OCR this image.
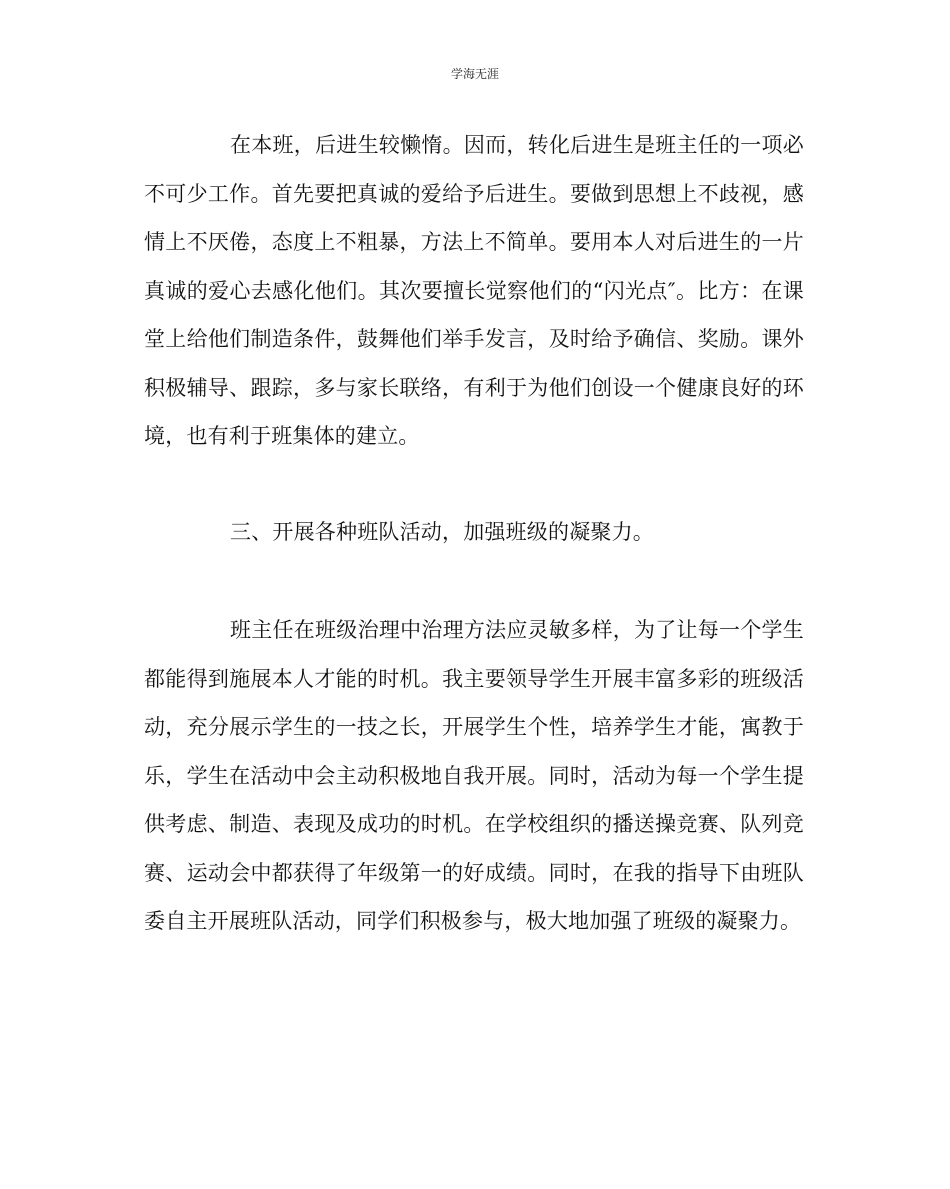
学海无涯

在本班，后进生较懒惰。因而，转化后进生是班主任的一项必不可少工作。首先要把真诚的爱给予后进生。要做到思想上不歧视，感情上不厌倦，态度上不粗暴，方法上不简单。要用本人对后进生的一片真诚的爱心去感化他们。其次要擅长觉察他们的“闪光点″。比方：在课堂上给他们制造条件，鼓舞他们举手发言，及时给予确信、奖励。课外积极辅导、跟踪，多与家长联络，有利于为他们创设一个健康良好的环境，也有利于班集体的建立。

三、开展各种班队活动，加强班级的凝聚力。

班主任在班级治理中治理方法应灵敏多样，为了让每一个学生都能得到施展本人才能的时机。我主要领导学生开展丰富多彩的班级活动，充分展示学生的一技之长，开展学生个性，培养学生才能，寓教于乐，学生在活动中会主动积极地自我开展。同时，活动为每一个学生提供考虑、制造、表现及成功的时机。在学校组织的播送操竞赛、队列竞赛、运动会中都获得了年级第一的好成绩。同时，在我的指导下由班队委自主开展班队活动，同学们积极参与，极大地加强了班级的凝聚力。
